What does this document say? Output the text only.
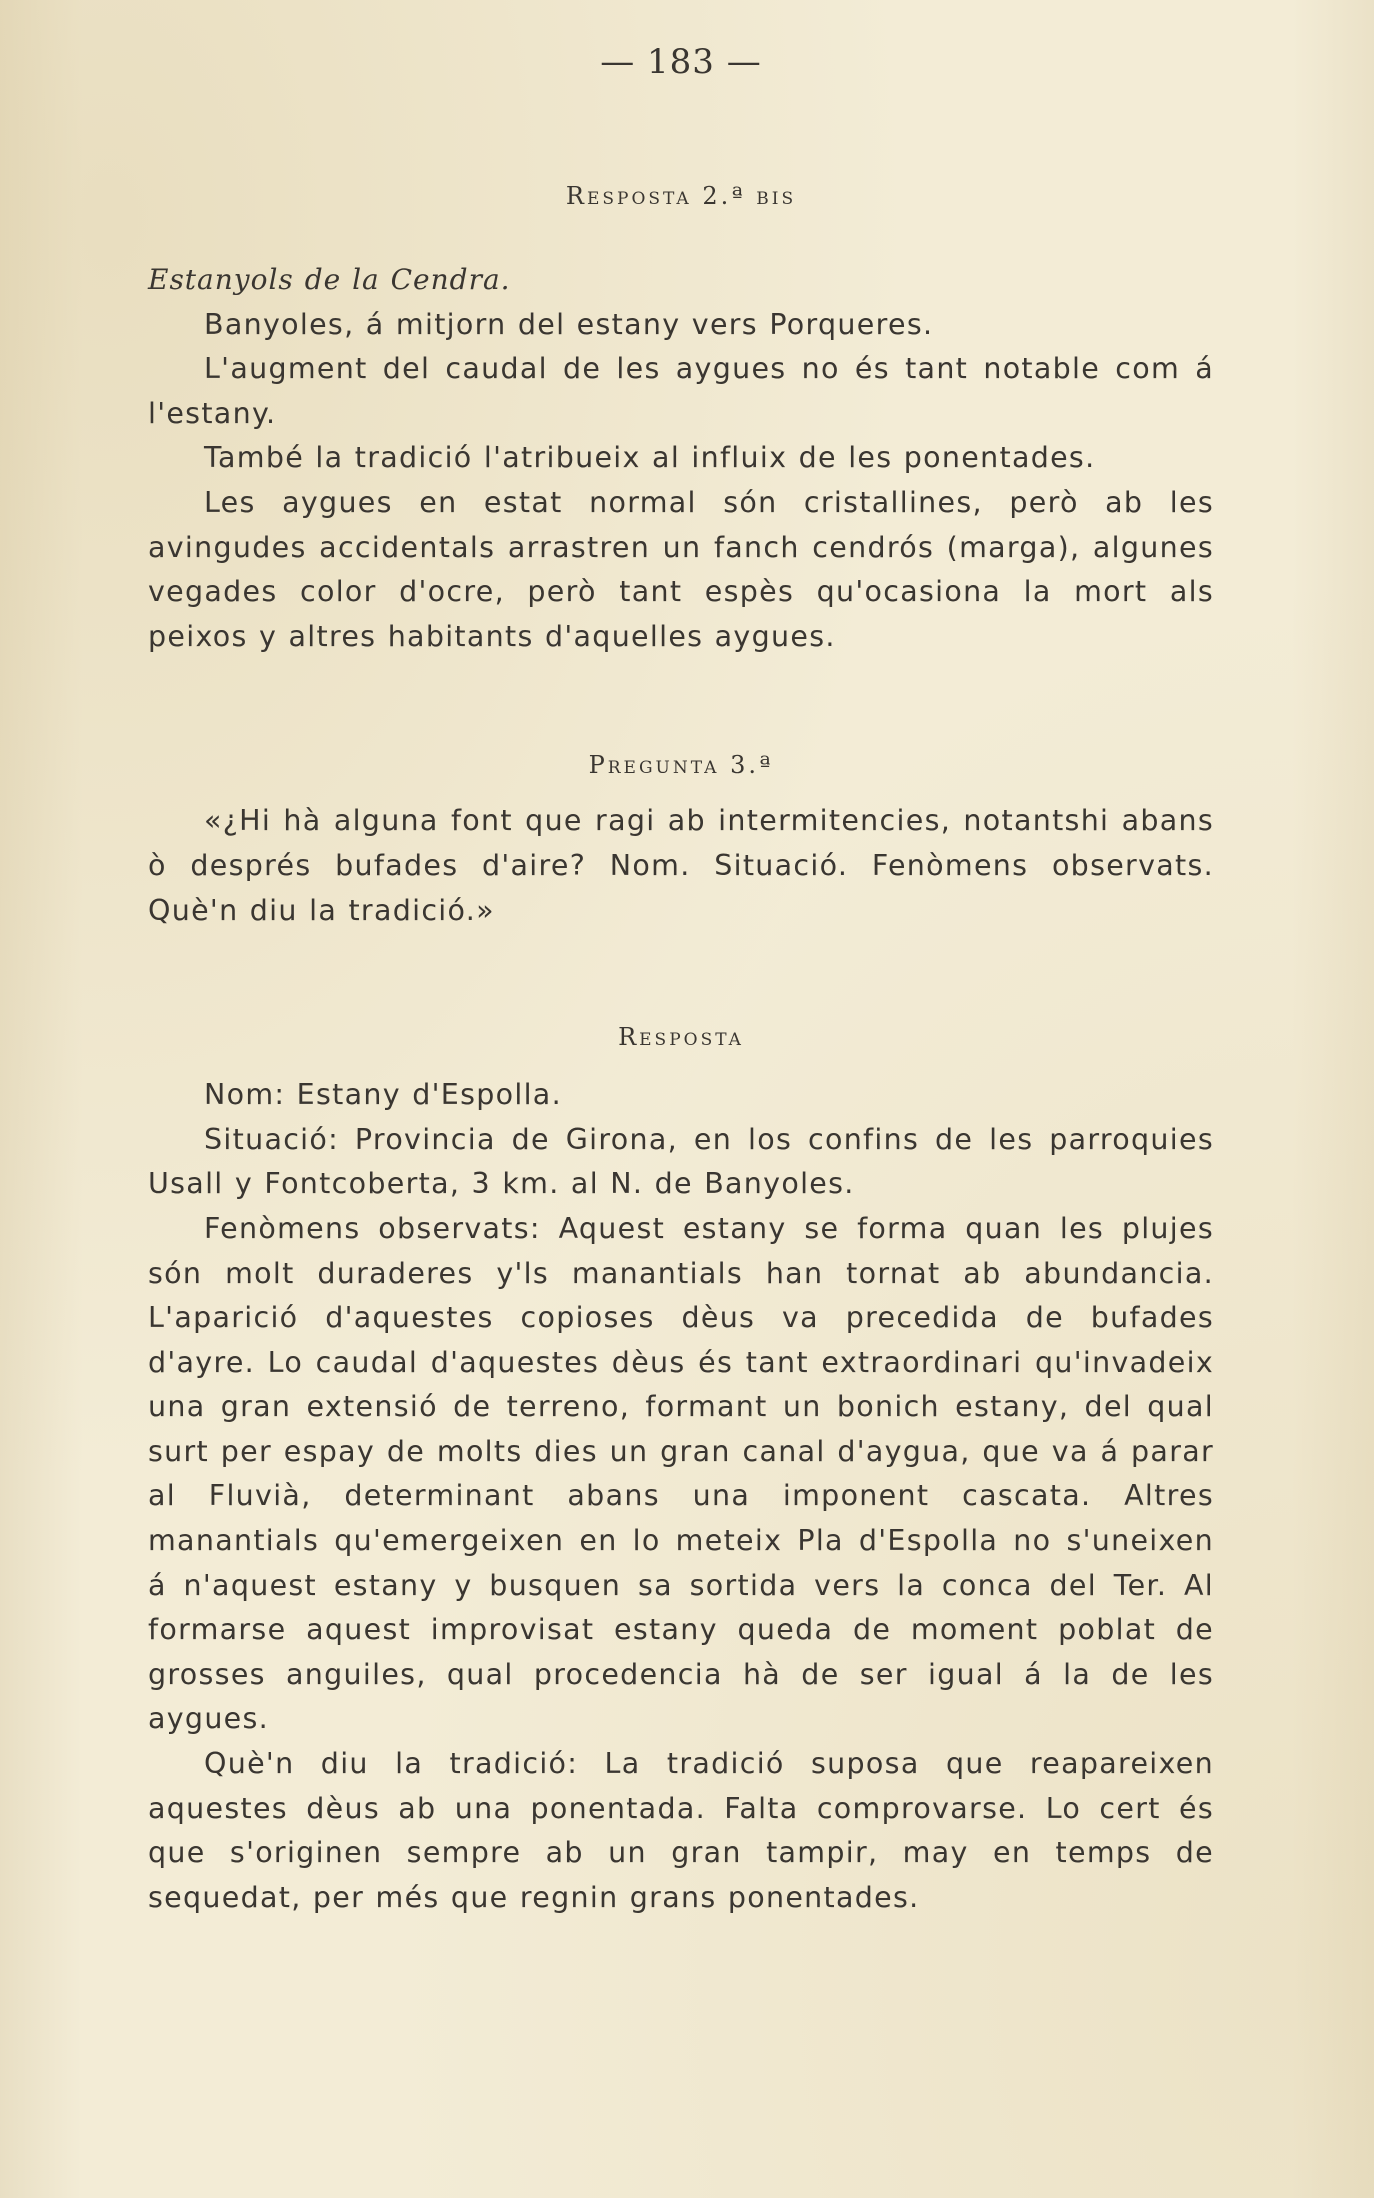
— 183 —
Resposta 2.ª bis

Estanyols de la Cendra.

Banyoles, á mitjorn del estany vers Porqueres.

L'augment del caudal de les aygues no és tant notable com á l'estany.

També la tradició l'atribueix al influix de les ponentades.

Les aygues en estat normal són cristallines, però ab les avingudes accidentals arrastren un fanch cendrós (marga), algunes vegades color d'ocre, però tant espès qu'ocasiona la mort als peixos y altres habitants d'aquelles aygues.

Pregunta 3.ª

«¿Hi hà alguna font que ragi ab intermitencies, notantshi abans ò després bufades d'aire? Nom. Situació. Fenòmens observats. Què'n diu la tradició.»

Resposta

Nom: Estany d'Espolla.

Situació: Provincia de Girona, en los confins de les parroquies Usall y Fontcoberta, 3 km. al N. de Banyoles.

Fenòmens observats: Aquest estany se forma quan les plujes són molt duraderes y'ls manantials han tornat ab abundancia. L'aparició d'aquestes copioses dèus va precedida de bufades d'ayre. Lo caudal d'aquestes dèus és tant extraordinari qu'invadeix una gran extensió de terreno, formant un bonich estany, del qual surt per espay de molts dies un gran canal d'aygua, que va á parar al Fluvià, determinant abans una imponent cascata. Altres manantials qu'emergeixen en lo meteix Pla d'Espolla no s'uneixen á n'aquest estany y busquen sa sortida vers la conca del Ter. Al formarse aquest improvisat estany queda de moment poblat de grosses anguiles, qual procedencia hà de ser igual á la de les aygues.

Què'n diu la tradició: La tradició suposa que reapareixen aquestes dèus ab una ponentada. Falta comprovarse. Lo cert és que s'originen sempre ab un gran tampir, may en temps de sequedat, per més que regnin grans ponentades.
